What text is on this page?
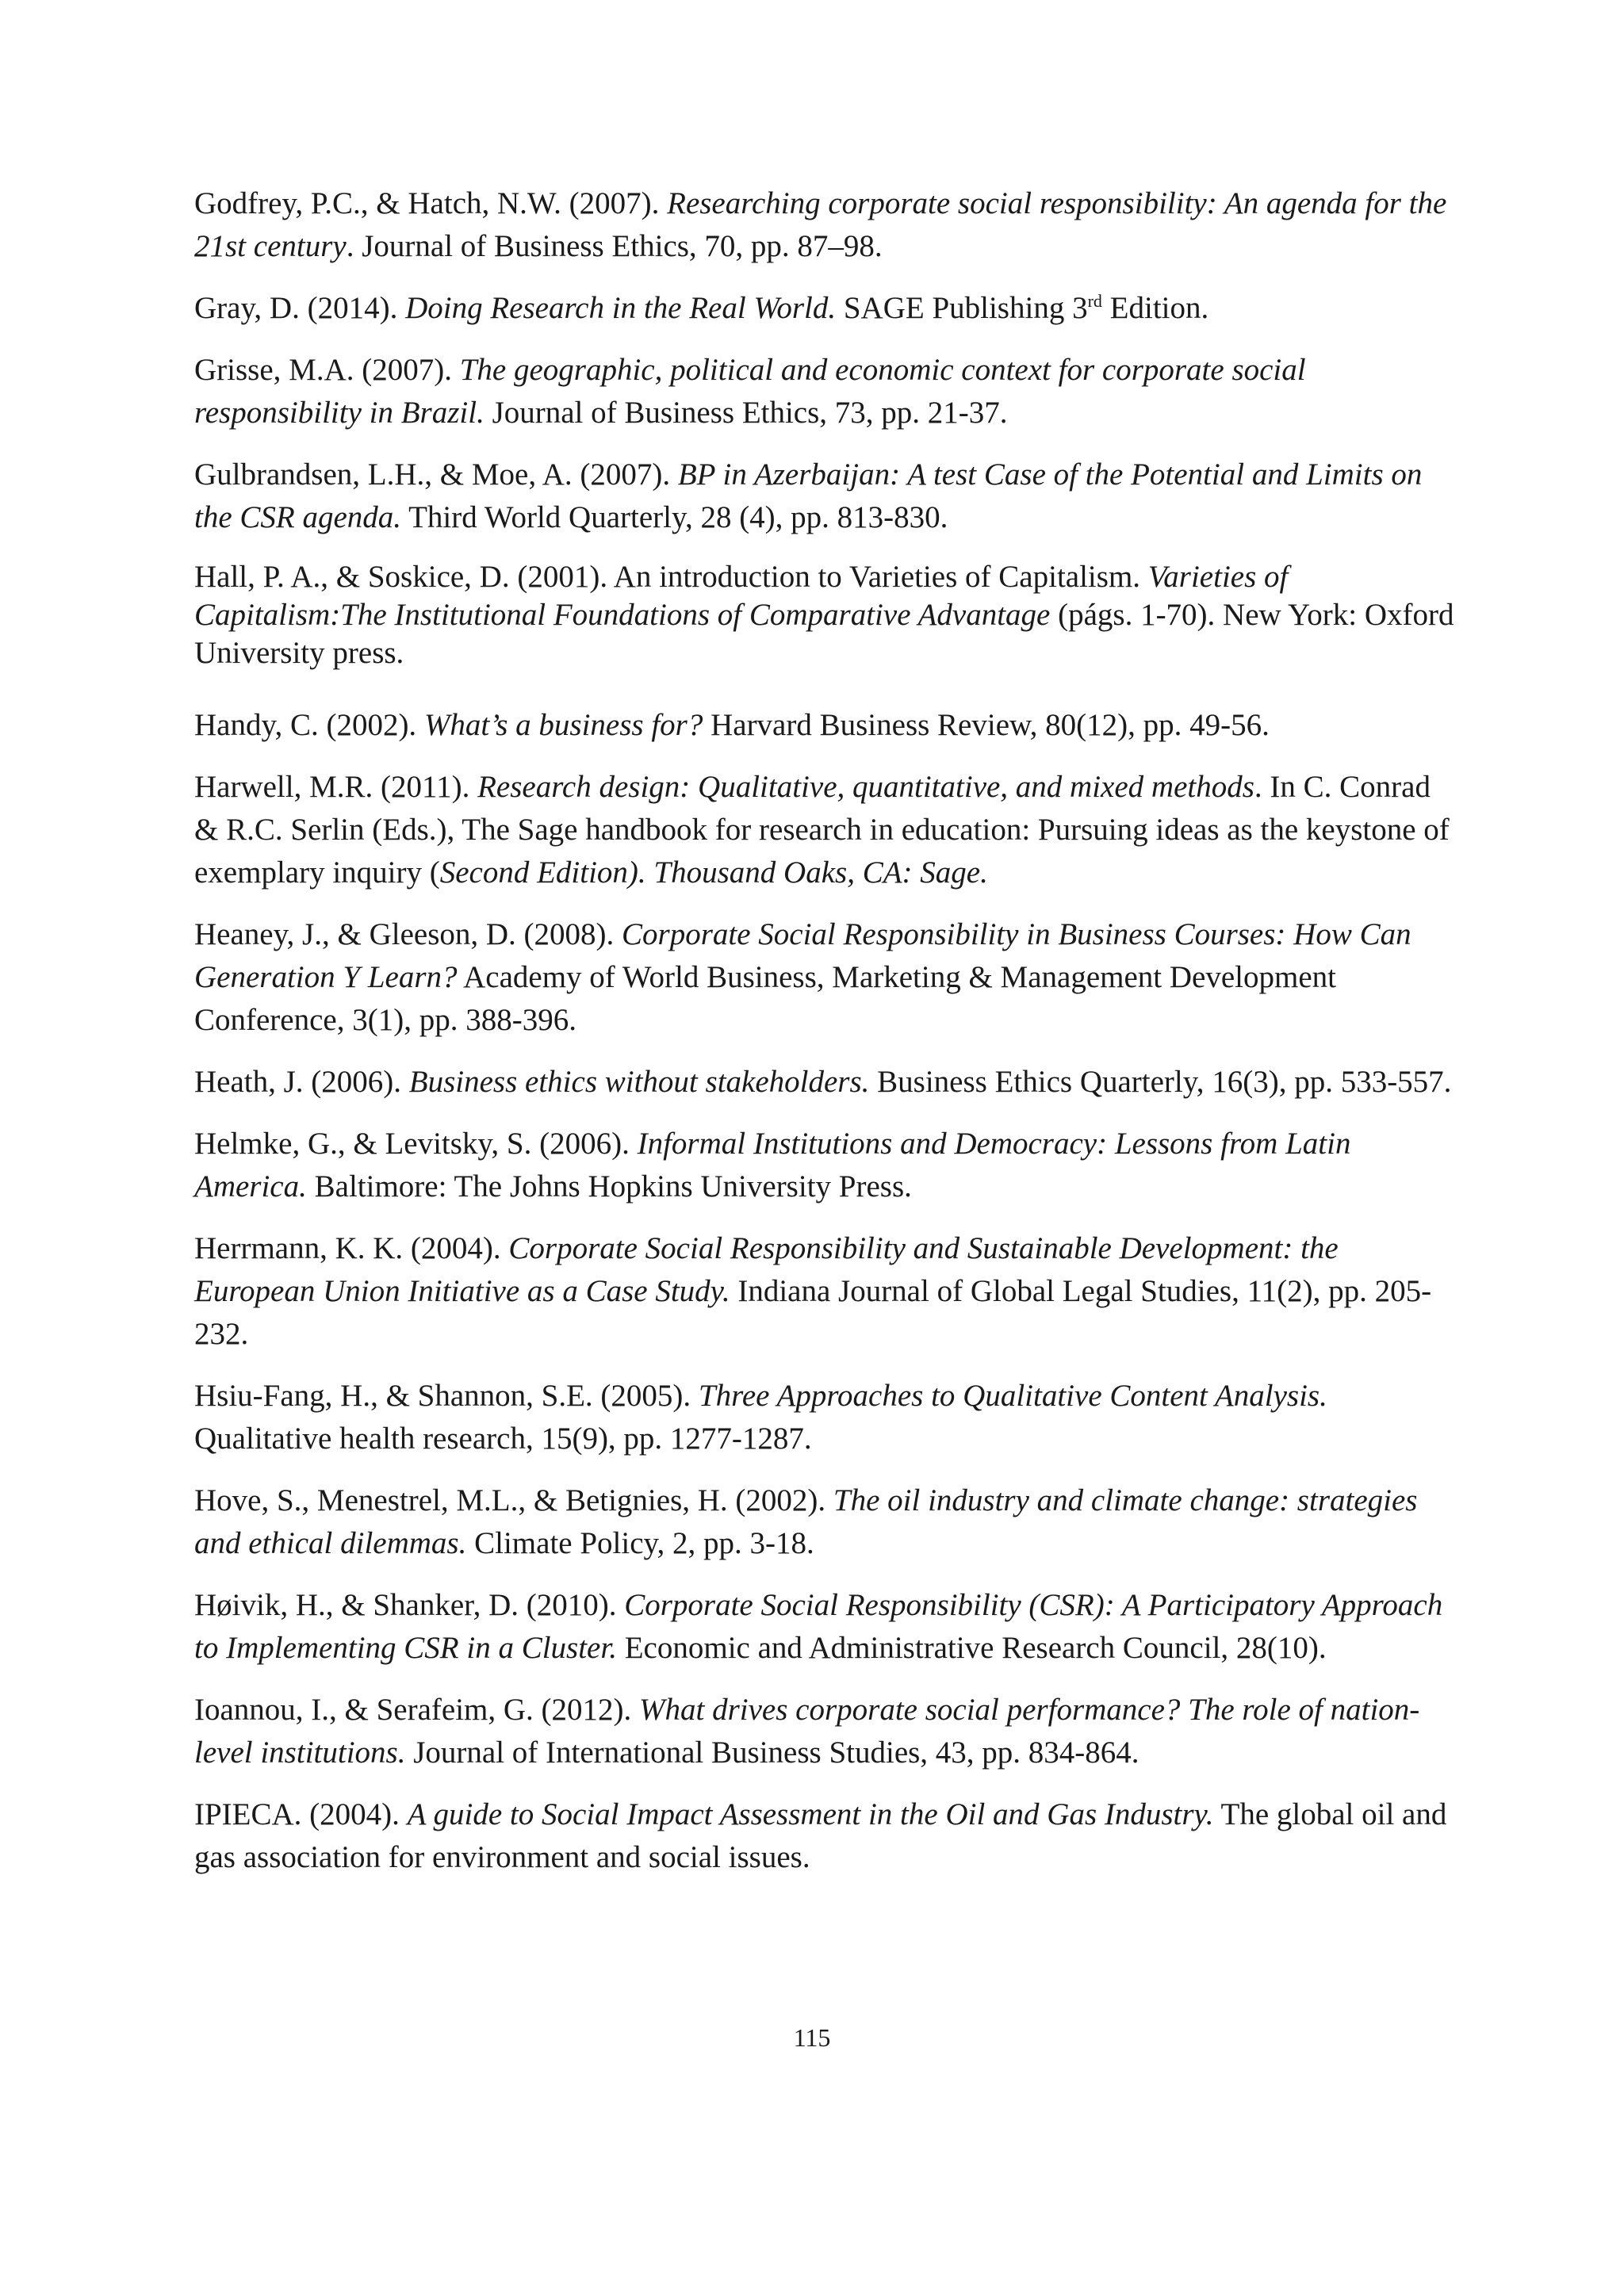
Godfrey, P.C., & Hatch, N.W. (2007). Researching corporate social responsibility: An agenda for the 21st century. Journal of Business Ethics, 70, pp. 87–98.

Gray, D. (2014). Doing Research in the Real World. SAGE Publishing 3rd Edition.

Grisse, M.A. (2007). The geographic, political and economic context for corporate social responsibility in Brazil. Journal of Business Ethics, 73, pp. 21-37.

Gulbrandsen, L.H., & Moe, A. (2007). BP in Azerbaijan: A test Case of the Potential and Limits on the CSR agenda. Third World Quarterly, 28 (4), pp. 813-830.

Hall, P. A., & Soskice, D. (2001). An introduction to Varieties of Capitalism. Varieties of Capitalism:The Institutional Foundations of Comparative Advantage (págs. 1-70). New York: Oxford University press.

Handy, C. (2002). What’s a business for? Harvard Business Review, 80(12), pp. 49-56.

Harwell, M.R. (2011). Research design: Qualitative, quantitative, and mixed methods. In C. Conrad & R.C. Serlin (Eds.), The Sage handbook for research in education: Pursuing ideas as the keystone of exemplary inquiry (Second Edition). Thousand Oaks, CA: Sage.

Heaney, J., & Gleeson, D. (2008). Corporate Social Responsibility in Business Courses: How Can Generation Y Learn? Academy of World Business, Marketing & Management Development Conference, 3(1), pp. 388-396.

Heath, J. (2006). Business ethics without stakeholders. Business Ethics Quarterly, 16(3), pp. 533-557.

Helmke, G., & Levitsky, S. (2006). Informal Institutions and Democracy: Lessons from Latin America. Baltimore: The Johns Hopkins University Press.

Herrmann, K. K. (2004). Corporate Social Responsibility and Sustainable Development: the European Union Initiative as a Case Study. Indiana Journal of Global Legal Studies, 11(2), pp. 205-232.

Hsiu-Fang, H., & Shannon, S.E. (2005). Three Approaches to Qualitative Content Analysis. Qualitative health research, 15(9), pp. 1277-1287.

Hove, S., Menestrel, M.L., & Betignies, H. (2002). The oil industry and climate change: strategies and ethical dilemmas. Climate Policy, 2, pp. 3-18.

Høivik, H., & Shanker, D. (2010). Corporate Social Responsibility (CSR): A Participatory Approach to Implementing CSR in a Cluster. Economic and Administrative Research Council, 28(10).

Ioannou, I., & Serafeim, G. (2012). What drives corporate social performance? The role of nation-level institutions. Journal of International Business Studies, 43, pp. 834-864.

IPIECA. (2004). A guide to Social Impact Assessment in the Oil and Gas Industry. The global oil and gas association for environment and social issues.

115
